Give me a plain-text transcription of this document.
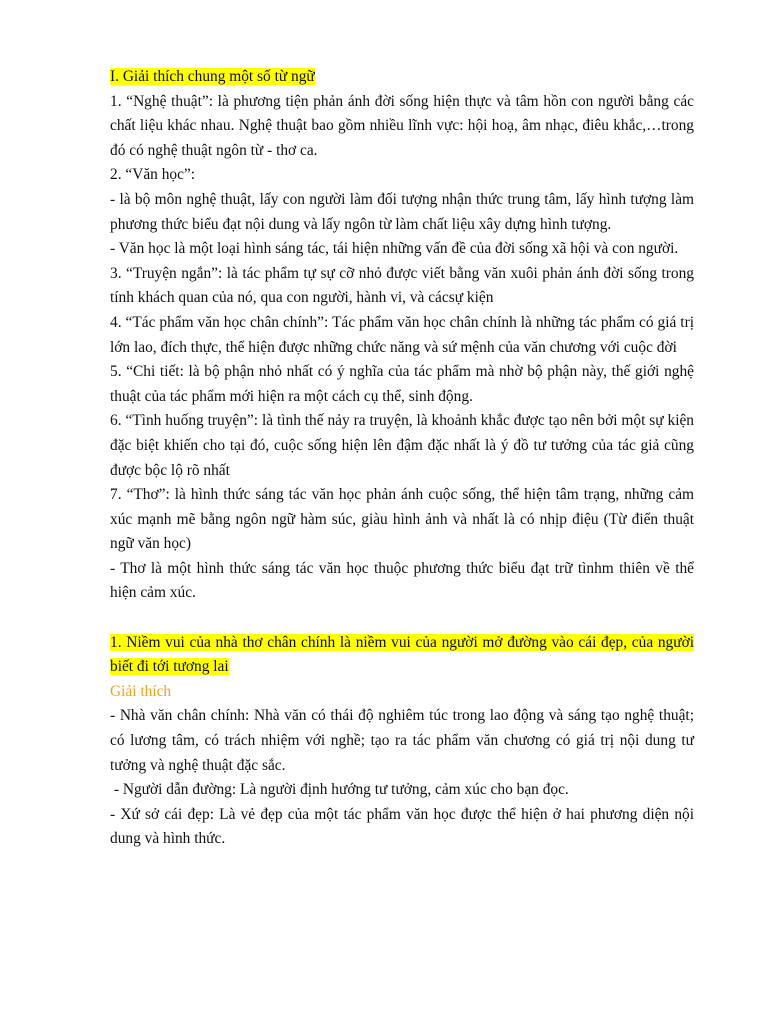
I. Giải thích chung một số từ ngữ

1. “Nghệ thuật”: là phương tiện phản ánh đời sống hiện thực và tâm hồn con người bằng các chất liệu khác nhau. Nghệ thuật bao gồm nhiều lĩnh vực: hội hoạ, âm nhạc, điêu khắc,…trong đó có nghệ thuật ngôn từ - thơ ca.

2. “Văn học”:

- là bộ môn nghệ thuật, lấy con người làm đối tượng nhận thức trung tâm, lấy hình tượng làm phương thức biểu đạt nội dung và lấy ngôn từ làm chất liệu xây dựng hình tượng.

- Văn học là một loại hình sáng tác, tái hiện những vấn đề của đời sống xã hội và con người.

3. “Truyện ngắn”: là tác phẩm tự sự cỡ nhỏ được viết bằng văn xuôi phản ánh đời sống trong tính khách quan của nó, qua con người, hành vi, và cácsự kiện

4. “Tác phẩm văn học chân chính”: Tác phẩm văn học chân chính là những tác phẩm có giá trị lớn lao, đích thực, thể hiện được những chức năng và sứ mệnh của văn chương với cuộc đời

5. “Chi tiết: là bộ phận nhỏ nhất có ý nghĩa của tác phẩm mà nhờ bộ phận này, thế giới nghệ thuật của tác phẩm mới hiện ra một cách cụ thể, sinh động.

6. “Tình huống truyện”: là tình thế nảy ra truyện, là khoảnh khắc được tạo nên bởi một sự kiện đặc biệt khiến cho tại đó, cuộc sống hiện lên đậm đặc nhất là ý đồ tư tưởng của tác giả cũng được bộc lộ rõ nhất

7. “Thơ”: là hình thức sáng tác văn học phản ánh cuộc sống, thể hiện tâm trạng, những cảm xúc mạnh mẽ bằng ngôn ngữ hàm súc, giàu hình ảnh và nhất là có nhịp điệu (Từ điển thuật ngữ văn học)

- Thơ là một hình thức sáng tác văn học thuộc phương thức biểu đạt trữ tìnhm thiên về thể hiện cảm xúc.

1. Niềm vui của nhà thơ chân chính là niềm vui của người mở đường vào cái đẹp, của người biết đi tới tương lai

Giải thích

- Nhà văn chân chính: Nhà văn có thái độ nghiêm túc trong lao động và sáng tạo nghệ thuật; có lương tâm, có trách nhiệm với nghề; tạo ra tác phẩm văn chương có giá trị nội dung tư tưởng và nghệ thuật đặc sắc.

- Người dẫn đường: Là người định hướng tư tưởng, cảm xúc cho bạn đọc.

- Xứ sở cái đẹp: Là vẻ đẹp của một tác phẩm văn học được thể hiện ở hai phương diện nội dung và hình thức.
